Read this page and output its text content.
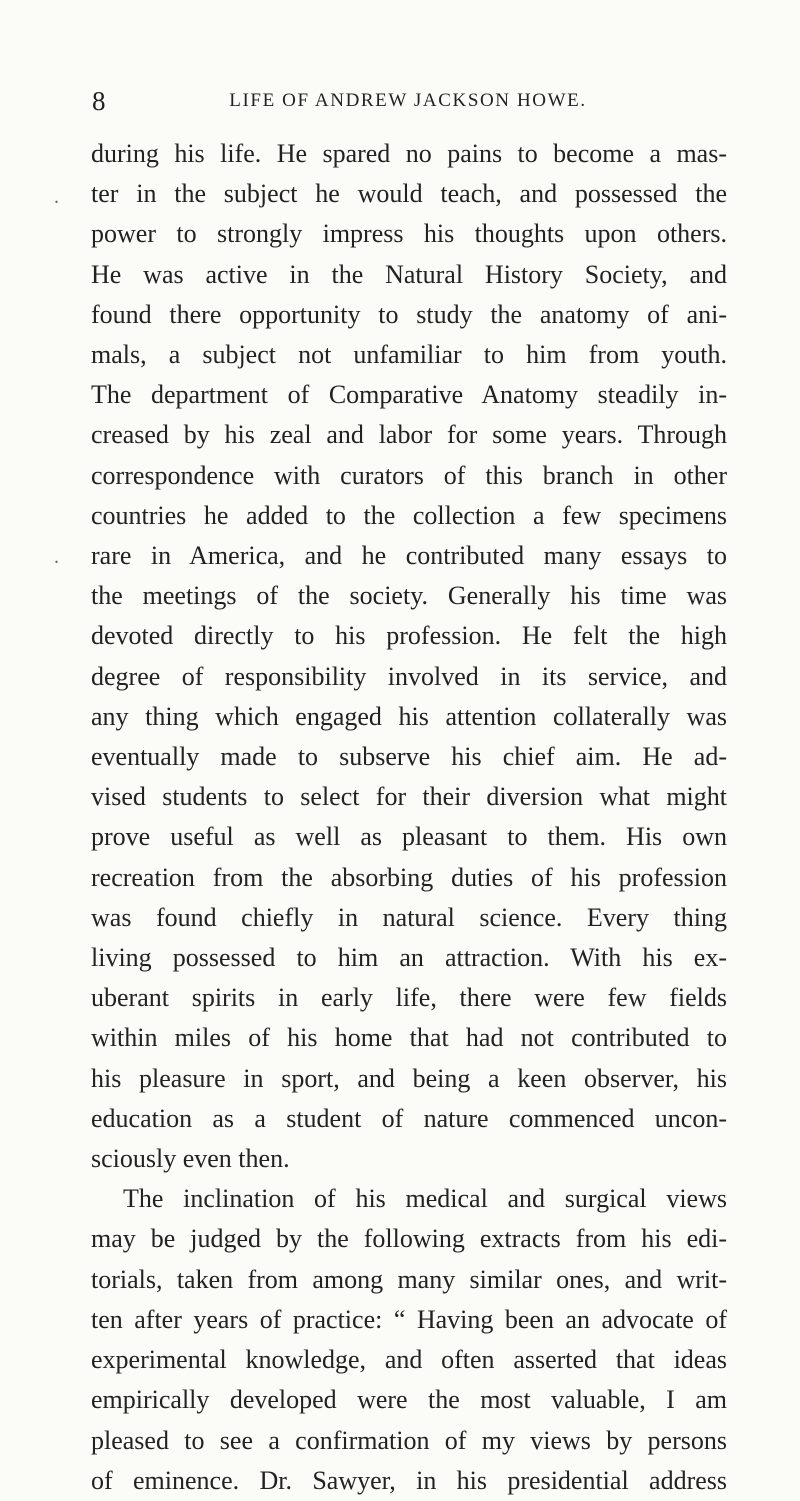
8	LIFE OF ANDREW JACKSON HOWE.
.
.
during his life. He spared no pains to become a mas-
ter in the subject he would teach, and possessed the
power to strongly impress his thoughts upon others.
He was active in the Natural History Society, and
found there opportunity to study the anatomy of ani-
mals, a subject not unfamiliar to him from youth.
The department of Comparative Anatomy steadily in-
creased by his zeal and labor for some years. Through
correspondence with curators of this branch in other
countries he added to the collection a few specimens
rare in America, and he contributed many essays to
the meetings of the society. Generally his time was
devoted directly to his profession. He felt the high
degree of responsibility involved in its service, and
any thing which engaged his attention collaterally was
eventually made to subserve his chief aim. He ad-
vised students to select for their diversion what might
prove useful as well as pleasant to them. His own
recreation from the absorbing duties of his profession
was found chiefly in natural science. Every thing
living possessed to him an attraction. With his ex-
uberant spirits in early life, there were few fields
within miles of his home that had not contributed to
his pleasure in sport, and being a keen observer, his
education as a student of nature commenced uncon-
sciously even then.
The inclination of his medical and surgical views
may be judged by the following extracts from his edi-
torials, taken from among many similar ones, and writ-
ten after years of practice: “ Having been an advocate of
experimental knowledge, and often asserted that ideas
empirically developed were the most valuable, I am
pleased to see a confirmation of my views by persons
of eminence. Dr. Sawyer, in his presidential address
